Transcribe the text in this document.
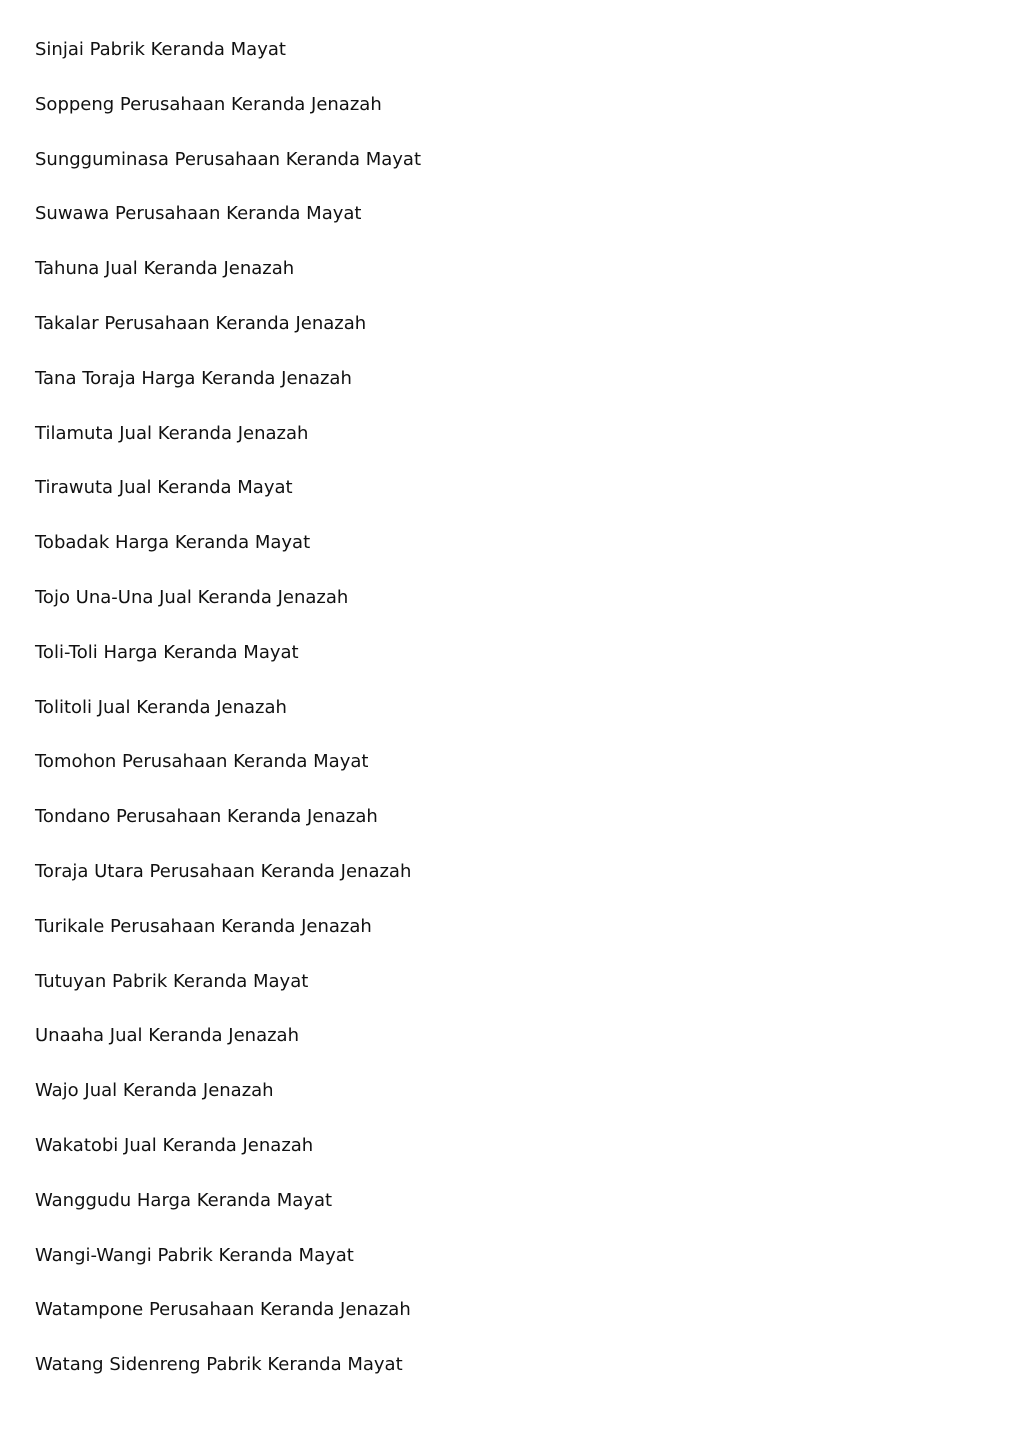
Sinjai Pabrik Keranda Mayat
Soppeng Perusahaan Keranda Jenazah
Sungguminasa Perusahaan Keranda Mayat
Suwawa Perusahaan Keranda Mayat
Tahuna Jual Keranda Jenazah
Takalar Perusahaan Keranda Jenazah
Tana Toraja Harga Keranda Jenazah
Tilamuta Jual Keranda Jenazah
Tirawuta Jual Keranda Mayat
Tobadak Harga Keranda Mayat
Tojo Una-Una Jual Keranda Jenazah
Toli-Toli Harga Keranda Mayat
Tolitoli Jual Keranda Jenazah
Tomohon Perusahaan Keranda Mayat
Tondano Perusahaan Keranda Jenazah
Toraja Utara Perusahaan Keranda Jenazah
Turikale Perusahaan Keranda Jenazah
Tutuyan Pabrik Keranda Mayat
Unaaha Jual Keranda Jenazah
Wajo Jual Keranda Jenazah
Wakatobi Jual Keranda Jenazah
Wanggudu Harga Keranda Mayat
Wangi-Wangi Pabrik Keranda Mayat
Watampone Perusahaan Keranda Jenazah
Watang Sidenreng Pabrik Keranda Mayat
